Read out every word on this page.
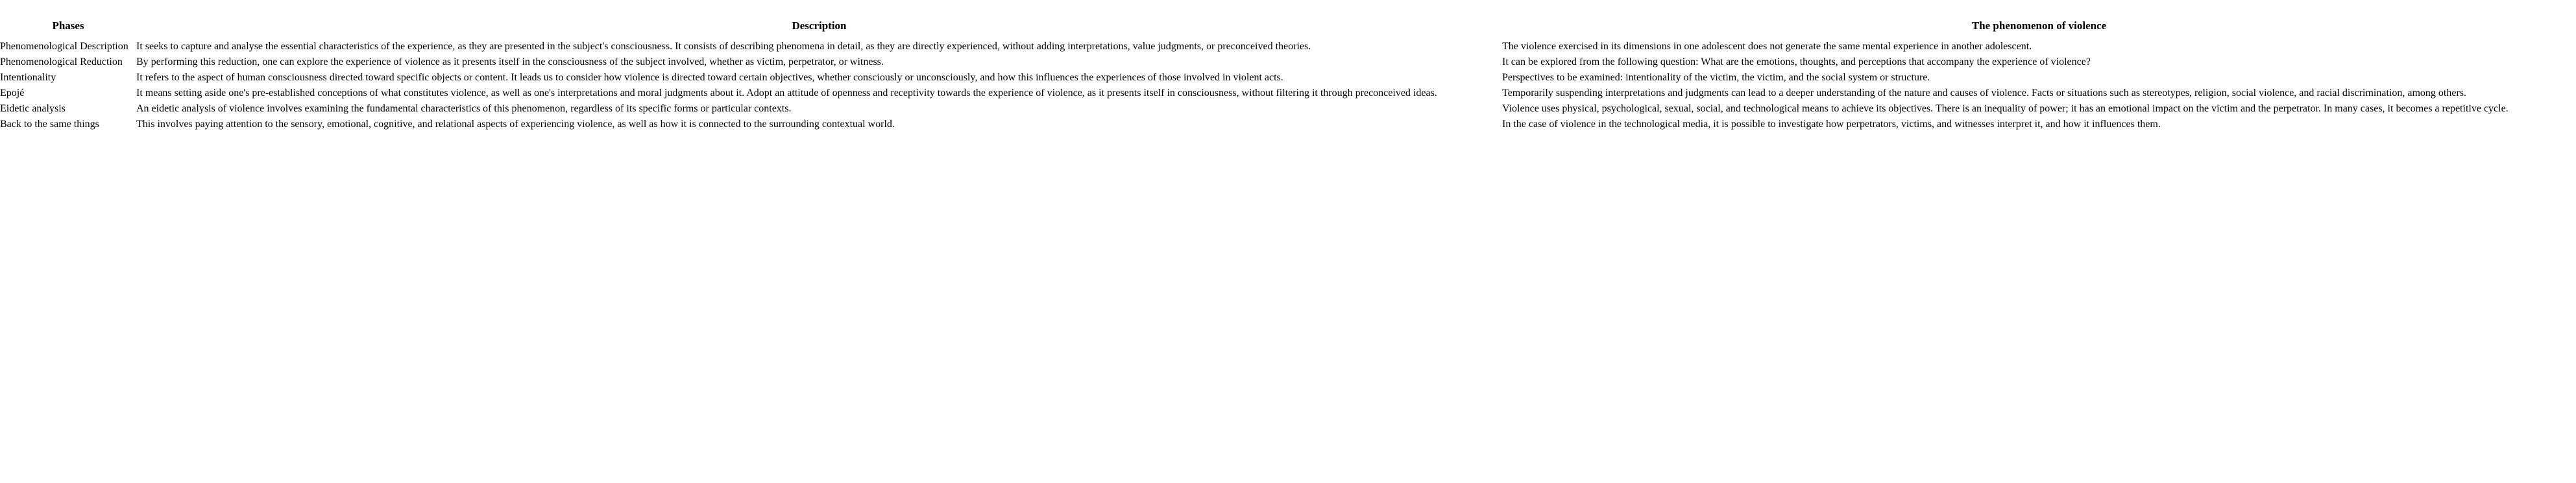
Phases	Description	The phenomenon of violence
Phenomenological Description	It seeks to capture and analyse the essential characteristics of the experience, as they are presented in the subject's consciousness. It consists of describing phenomena in detail, as they are directly experienced, without adding interpretations, value judgments, or preconceived theories.	The violence exercised in its dimensions in one adolescent does not generate the same mental experience in another adolescent.
Phenomenological Reduction	By performing this reduction, one can explore the experience of violence as it presents itself in the consciousness of the subject involved, whether as victim, perpetrator, or witness.	It can be explored from the following question: What are the emotions, thoughts, and perceptions that accompany the experience of violence?
Intentionality	It refers to the aspect of human consciousness directed toward specific objects or content. It leads us to consider how violence is directed toward certain objectives, whether consciously or unconsciously, and how this influences the experiences of those involved in violent acts.	Perspectives to be examined: intentionality of the victim, the victim, and the social system or structure.
Epojé	It means setting aside one's pre-established conceptions of what constitutes violence, as well as one's interpretations and moral judgments about it. Adopt an attitude of openness and receptivity towards the experience of violence, as it presents itself in consciousness, without filtering it through preconceived ideas.	Temporarily suspending interpretations and judgments can lead to a deeper understanding of the nature and causes of violence. Facts or situations such as stereotypes, religion, social violence, and racial discrimination, among others.
Eidetic analysis	An eidetic analysis of violence involves examining the fundamental characteristics of this phenomenon, regardless of its specific forms or particular contexts.	Violence uses physical, psychological, sexual, social, and technological means to achieve its objectives. There is an inequality of power; it has an emotional impact on the victim and the perpetrator. In many cases, it becomes a repetitive cycle.
Back to the same things	This involves paying attention to the sensory, emotional, cognitive, and relational aspects of experiencing violence, as well as how it is connected to the surrounding contextual world.	In the case of violence in the technological media, it is possible to investigate how perpetrators, victims, and witnesses interpret it, and how it influences them.
